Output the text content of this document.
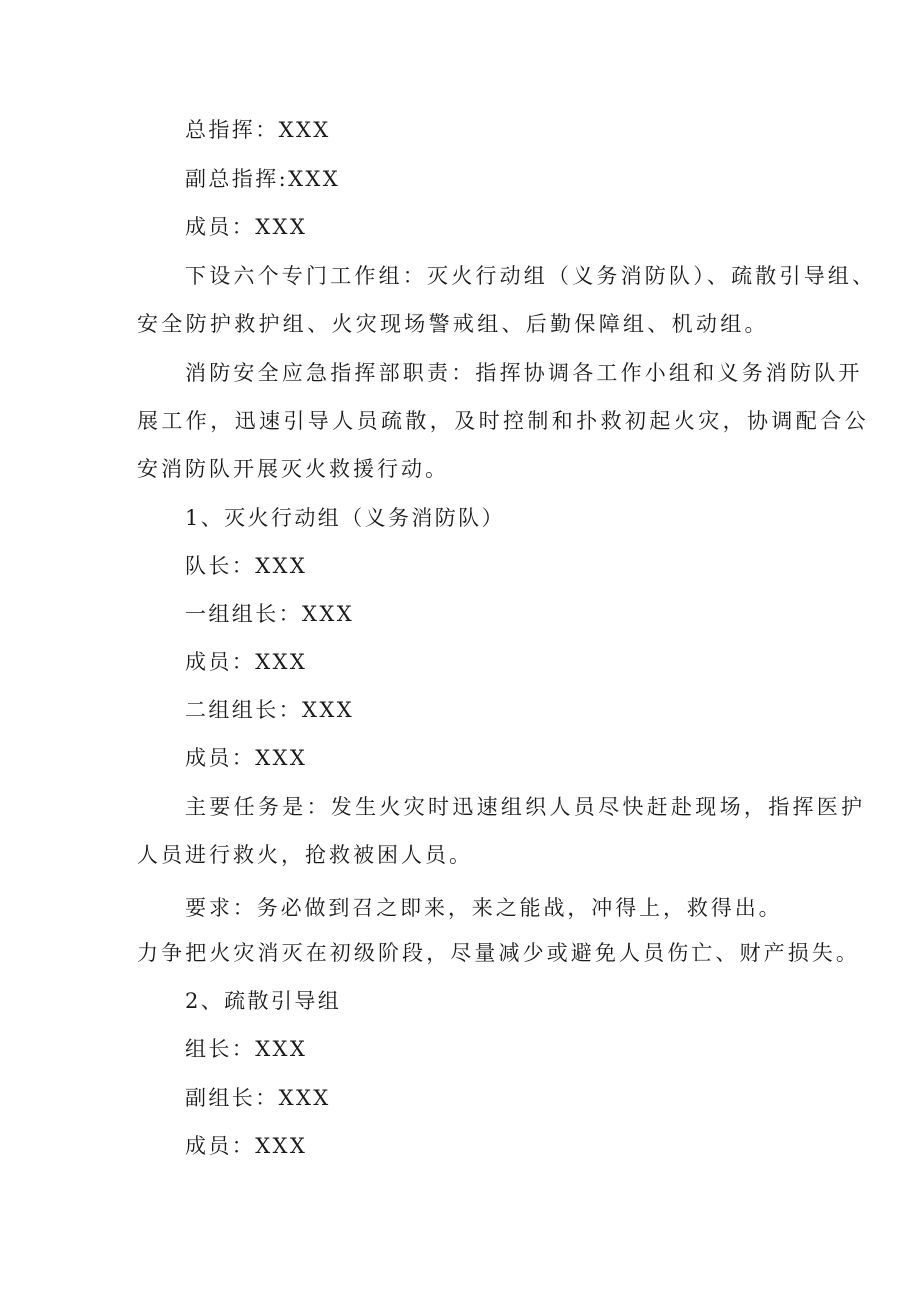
总指挥：XXX
副总指挥:XXX
成员：XXX
下设六个专门工作组：灭火行动组（义务消防队）、疏散引导组、
安全防护救护组、火灾现场警戒组、后勤保障组、机动组。
消防安全应急指挥部职责：指挥协调各工作小组和义务消防队开
展工作，迅速引导人员疏散，及时控制和扑救初起火灾，协调配合公
安消防队开展灭火救援行动。
1、灭火行动组（义务消防队）
队长：XXX
一组组长：XXX
成员：XXX
二组组长：XXX
成员：XXX
主要任务是：发生火灾时迅速组织人员尽快赶赴现场，指挥医护
人员进行救火，抢救被困人员。
要求：务必做到召之即来，来之能战，冲得上，救得出。
力争把火灾消灭在初级阶段，尽量减少或避免人员伤亡、财产损失。
2、疏散引导组
组长：XXX
副组长：XXX
成员：XXX
